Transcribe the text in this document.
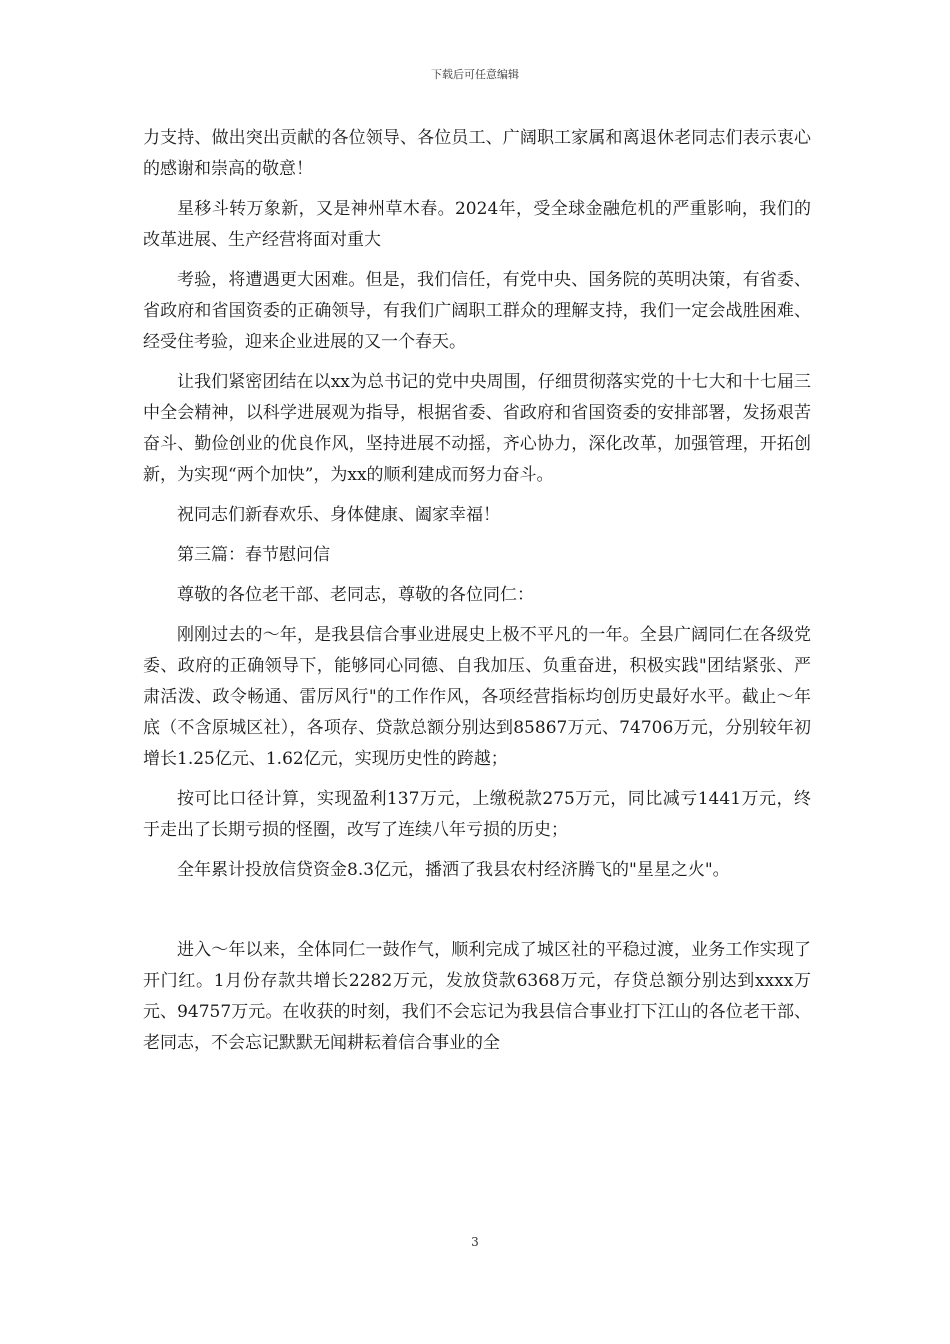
下载后可任意编辑

力支持、做出突出贡献的各位领导、各位员工、广阔职工家属和离退休老同志们表示衷心的感谢和崇高的敬意！

星移斗转万象新，又是神州草木春。2024年，受全球金融危机的严重影响，我们的改革进展、生产经营将面对重大

考验，将遭遇更大困难。但是，我们信任，有党中央、国务院的英明决策，有省委、省政府和省国资委的正确领导，有我们广阔职工群众的理解支持，我们一定会战胜困难、经受住考验，迎来企业进展的又一个春天。

让我们紧密团结在以xx为总书记的党中央周围，仔细贯彻落实党的十七大和十七届三中全会精神，以科学进展观为指导，根据省委、省政府和省国资委的安排部署，发扬艰苦奋斗、勤俭创业的优良作风，坚持进展不动摇，齐心协力，深化改革，加强管理，开拓创新，为实现“两个加快”，为xx的顺利建成而努力奋斗。

祝同志们新春欢乐、身体健康、阖家幸福！

第三篇：春节慰问信

尊敬的各位老干部、老同志，尊敬的各位同仁：

刚刚过去的～年，是我县信合事业进展史上极不平凡的一年。全县广阔同仁在各级党委、政府的正确领导下，能够同心同德、自我加压、负重奋进，积极实践"团结紧张、严肃活泼、政令畅通、雷厉风行"的工作作风，各项经营指标均创历史最好水平。截止～年底（不含原城区社），各项存、贷款总额分别达到85867万元、74706万元，分别较年初增长1.25亿元、1.62亿元，实现历史性的跨越；

按可比口径计算，实现盈利137万元，上缴税款275万元，同比减亏1441万元，终于走出了长期亏损的怪圈，改写了连续八年亏损的历史；

全年累计投放信贷资金8.3亿元，播洒了我县农村经济腾飞的"星星之火"。

进入～年以来，全体同仁一鼓作气，顺利完成了城区社的平稳过渡，业务工作实现了开门红。1月份存款共增长2282万元，发放贷款6368万元，存贷总额分别达到xxxx万元、94757万元。在收获的时刻，我们不会忘记为我县信合事业打下江山的各位老干部、老同志，不会忘记默默无闻耕耘着信合事业的全

3
